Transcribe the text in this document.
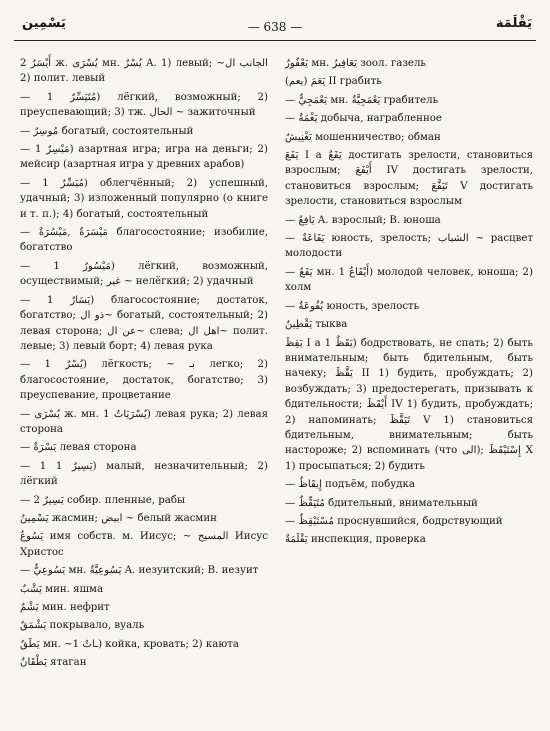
يَسْمِين	— 638 —	يَقْلَمَة

أَيْسَرُ 2 ж. يُسْرَى мн. يُسْرٌ A. 1) левый; الجانب ال~ 2) полит. левый

— مُتَيَسِّرٌ 1) лёгкий, возможный; 2) преуспевающий; 3) тж. الحال ~ зажиточный

— مُوسِرٌ богатый, состоятельный

— مَيْسِرٌ 1) азартная игра; игра на деньги; 2) мейсир (азартная игра у древних арабов)

— مُيَسِّرٌ 1) облегчённый; 2) успешный, удачный; 3) изложенный популярно (о книге и т. п.); 4) богатый, состоятельный

— مَيْسَرَةٌ ,مَيْسُرَةٌ благосостояние; изобилие, богатство

— مَيْسُورٌ 1) лёгкий, возможный, осуществимый; غير ~ нелёгкий; 2) удачный

— يَسَارٌ 1) благосостояние; достаток, богатство; ذو ال~ богатый, состоятельный; 2) левая сторона; عن ال~ слева; اهل ال~ полит. левые; 3) левый борт; 4) левая рука

— يُسْرٌ 1) лёгкость; ~ بـ легко; 2) благосостояние, достаток, богатство; 3) преуспевание, процветание

— يُسْرَى ж. мн. يُسْرَيَاتٌ 1) левая рука; 2) левая сторона

— يَسْرَةٌ левая сторона

— يَسِيرٌ 1 1) малый, незначительный; 2) лёгкий

— يَسِيرٌ 2 собир. пленные, рабы

يَسْمِينٌ жасмин; ابيض ~ белый жасмин

يَسُوعُ имя собств. м. Иисус; ~ المسيح Иисус Христос

— يَسُوعِيٌّ мн. يَسُوعِيَّةٌ A. иезуитский; B. иезуит

يَشْبٌ мин. яшма

يَشْمٌ мин. нефрит

يَشْمَقٌ покрывало, вуаль

يَطَقٌ мн. ~ـاتٌ 1) койка, кровать; 2) каюта

يَطْقَانٌ ятаган

يَعْفُورٌ мн. يَعَافِيرُ зоол. газель

يَعَمَ (يعم) II грабить

— يَعْمَجِيٌّ мн. يَعْمَجِيَّةٌ грабитель

— يَغْمَةٌ добыча, награбленное

يَغْنِيشٌ мошенничество; обман

يَفَعَ I a يَفَعٌ достигать зрелости, становиться взрослым; أَيْفَعَ IV достигать зрелости, становиться взрослым; تَيَفَّعَ V достигать зрелости, становиться взрослым

— يَافِعٌ A. взрослый; B. юноша

— يَفَاعَةٌ юность, зрелость; الشباب ~ расцвет молодости

— يَفَعٌ мн. أَيْفَاعٌ 1) молодой человек, юноша; 2) холм

— يُفُوعَةٌ юность, зрелость

يَقْطِينٌ тыква

يَقِظَ I a يَقَظٌ 1) бодрствовать, не спать; 2) быть внимательным; быть бдительным, быть начеку; يَقَّظَ II 1) будить, пробуждать; 2) возбуждать; 3) предостерегать, призывать к бдительности; أَيْقَظَ IV 1) будить, пробуждать; 2) напоминать; تَيَقَّظَ V 1) становиться бдительным, внимательным; быть настороже; 2) вспоминать (что الى); إِسْتَيْقَظَ X 1) просыпаться; 2) будить

— إِيقَاظٌ подъём, побудка

— مُتَيَقِّظٌ бдительный, внимательный

— مُسْتَيْقِظٌ проснувшийся, бодрствующий

يَقْلَمَةٌ инспекция, проверка
